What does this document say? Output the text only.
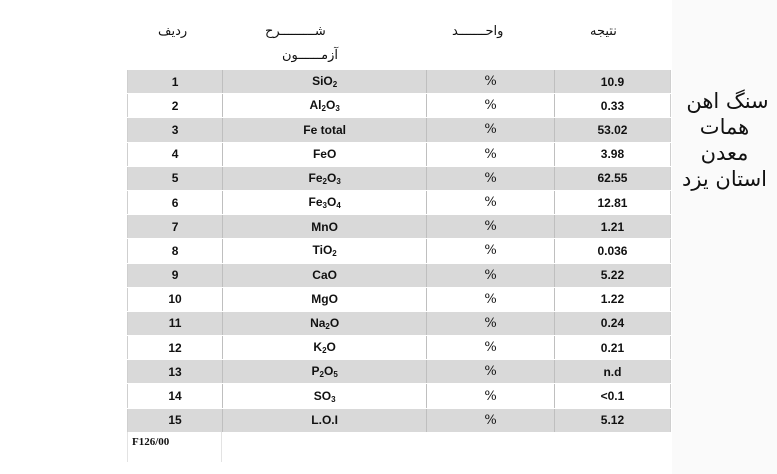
ردیف	شـــــــــرح
آزمــــــون
واحـــــــد	نتیجه
1	SiO$_2$	%	10.9
2	$Al_2O_3$	%	0.33
3	Fe total	%	53.02
4	FeO	%	3.98
5	$Fe_2O_3$	%	62.55
6	$Fe_3O_4$	%	12.81
7	MnO	%	1.21
8	TiO$_2$	%	0.036
9	CaO	%	5.22
10	MgO	%	1.22
11	$Na_2O$	%	0.24
12	$K_2O$	%	0.21
13	$P_2O_5$	%	n.d
14	$SO_3$	%	<0.1
15	L.O.I	%	5.12
F126/00
سنگ اهن
همات
معدن
استان یزد
